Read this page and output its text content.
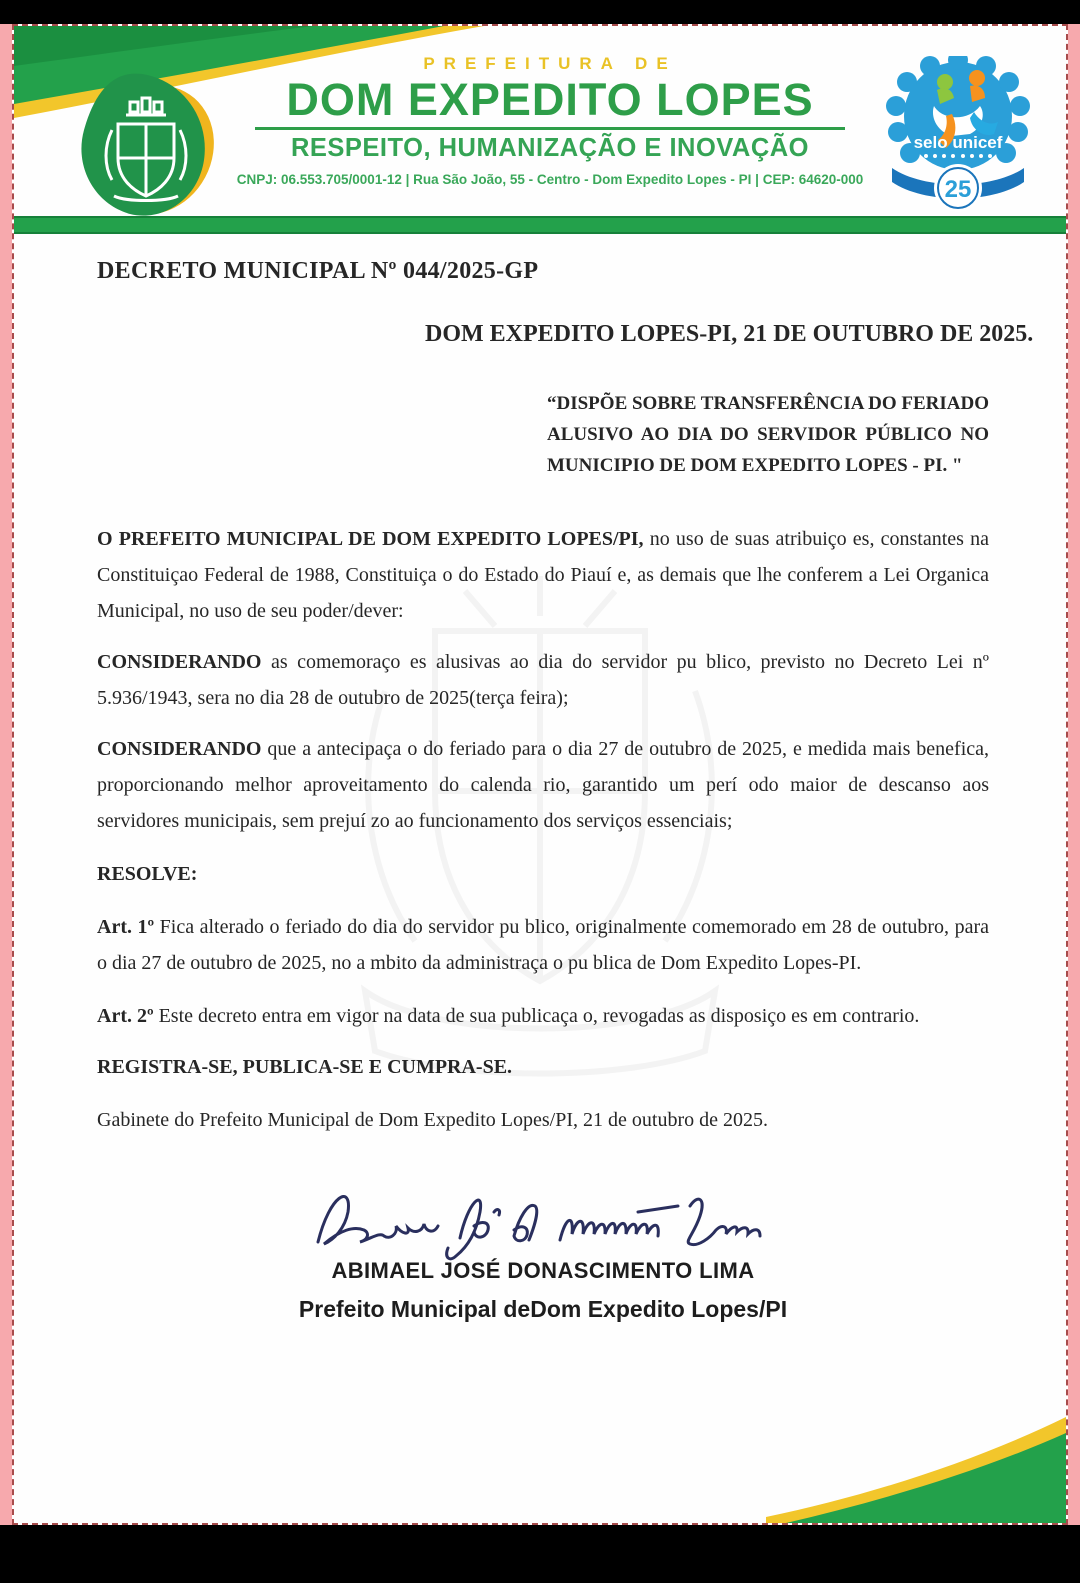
PREFEITURA DE
DOM EXPEDITO LOPES
RESPEITO, HUMANIZAÇÃO E INOVAÇÃO
CNPJ: 06.553.705/0001-12 | Rua São João, 55 - Centro - Dom Expedito Lopes - PI | CEP: 64620-000
selo unicef
25

DECRETO MUNICIPAL Nº 044/2025-GP

DOM EXPEDITO LOPES-PI, 21 DE OUTUBRO DE 2025.

“DISPÕE SOBRE TRANSFERÊNCIA DO FERIADO ALUSIVO AO DIA DO SERVIDOR PÚBLICO NO MUNICIPIO DE DOM EXPEDITO LOPES - PI. "

O PREFEITO MUNICIPAL DE DOM EXPEDITO LOPES/PI, no uso de suas atribuiço es, constantes na Constituiçao Federal de 1988, Constituiça o do Estado do Piauí e, as demais que lhe conferem a Lei Organica Municipal, no uso de seu poder/dever:

CONSIDERANDO as comemoraço es alusivas ao dia do servidor pu blico, previsto no Decreto Lei nº 5.936/1943, sera no dia 28 de outubro de 2025(terça feira);

CONSIDERANDO que a antecipaça o do feriado para o dia 27 de outubro de 2025, e medida mais benefica, proporcionando melhor aproveitamento do calenda rio, garantido um perí odo maior de descanso aos servidores municipais, sem prejuí zo ao funcionamento dos serviços essenciais;

RESOLVE:

Art. 1º Fica alterado o feriado do dia do servidor pu blico, originalmente comemorado em 28 de outubro, para o dia 27 de outubro de 2025, no a mbito da administraça o pu blica de Dom Expedito Lopes-PI.

Art. 2º Este decreto entra em vigor na data de sua publicaça o, revogadas as disposiço es em contrario.

REGISTRA-SE, PUBLICA-SE E CUMPRA-SE.

Gabinete do Prefeito Municipal de Dom Expedito Lopes/PI, 21 de outubro de 2025.

ABIMAEL JOSÉ DONASCIMENTO LIMA
Prefeito Municipal deDom Expedito Lopes/PI
